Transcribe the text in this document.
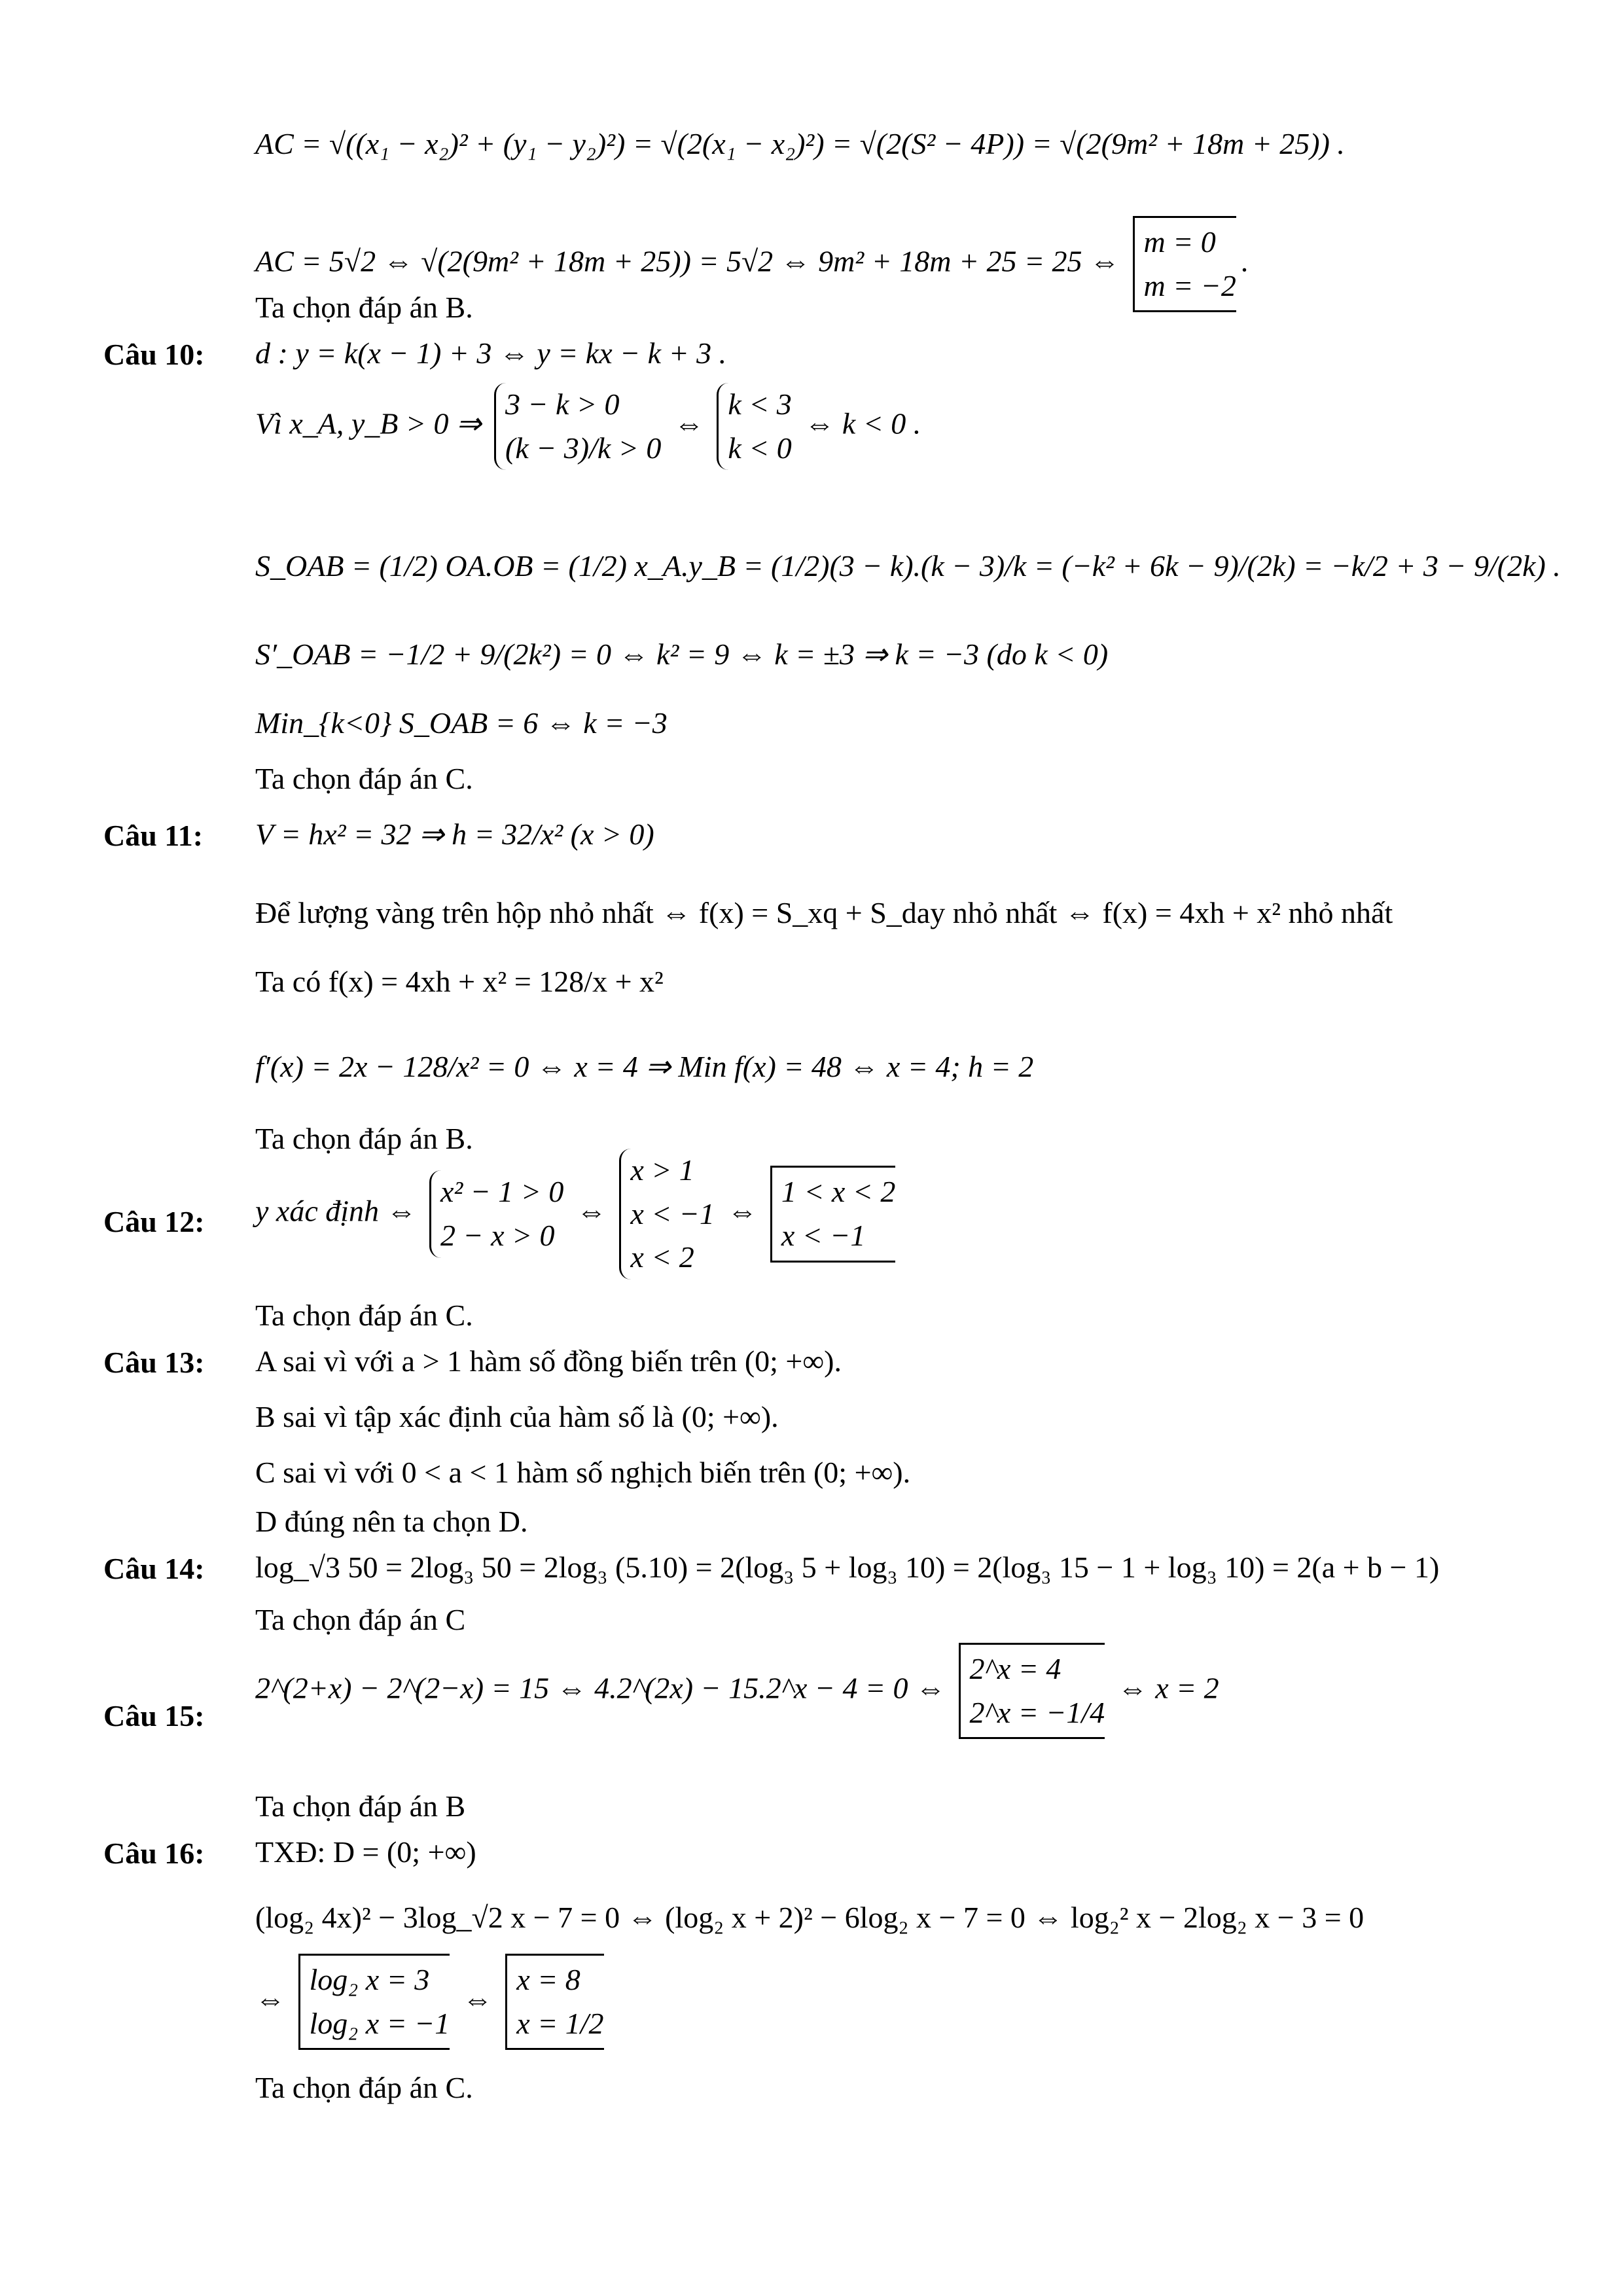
AC = √((x₁ − x₂)² + (y₁ − y₂)²) = √(2(x₁ − x₂)²) = √(2(S² − 4P)) = √(2(9m² + 18m + 25)) .
AC = 5√2 ⇔ √(2(9m² + 18m + 25)) = 5√2 ⇔ 9m² + 18m + 25 = 25 ⇔
m = 0
m = −2
.
Ta chọn đáp án B.
Câu 10: d : y = k(x − 1) + 3 ⇔ y = kx − k + 3 .
Vì x_A, y_B > 0 ⇒
3 − k > 0
(k − 3)/k > 0
⇔
k < 3
k < 0
⇔ k < 0 .
S_OAB = (1/2) OA.OB = (1/2) x_A.y_B = (1/2)(3 − k).(k − 3)/k = (−k² + 6k − 9)/(2k) = −k/2 + 3 − 9/(2k) .
S′_OAB = −1/2 + 9/(2k²) = 0 ⇔ k² = 9 ⇔ k = ±3 ⇒ k = −3 (do k < 0)
Min_{k<0} S_OAB = 6 ⇔ k = −3
Ta chọn đáp án C.
Câu 11: V = hx² = 32 ⇒ h = 32/x² (x > 0)
Để lượng vàng trên hộp nhỏ nhất ⇔ f(x) = S_xq + S_day nhỏ nhất ⇔ f(x) = 4xh + x² nhỏ nhất
Ta có f(x) = 4xh + x² = 128/x + x²
f′(x) = 2x − 128/x² = 0 ⇔ x = 4 ⇒ Min f(x) = 48 ⇔ x = 4; h = 2
Ta chọn đáp án B.
Câu 12: y xác định ⇔
x² − 1 > 0
2 − x > 0
⇔
x > 1
x < −1
x < 2
⇔
1 < x < 2
x < −1
Ta chọn đáp án C.
Câu 13: A sai vì với a > 1 hàm số đồng biến trên (0; +∞).
B sai vì tập xác định của hàm số là (0; +∞).
C sai vì với 0 < a < 1 hàm số nghịch biến trên (0; +∞).
D đúng nên ta chọn D.
Câu 14: log_√3 50 = 2log₃ 50 = 2log₃ (5.10) = 2(log₃ 5 + log₃ 10) = 2(log₃ 15 − 1 + log₃ 10) = 2(a + b − 1)
Ta chọn đáp án C
Câu 15:
2^(2+x) − 2^(2−x) = 15 ⇔ 4.2^(2x) − 15.2^x − 4 = 0 ⇔
2^x = 4
2^x = −1/4
⇔ x = 2
Ta chọn đáp án B
Câu 16: TXĐ: D = (0; +∞)
(log₂ 4x)² − 3log_√2 x − 7 = 0 ⇔ (log₂ x + 2)² − 6log₂ x − 7 = 0 ⇔ log₂² x − 2log₂ x − 3 = 0
⇔
log₂ x = 3
log₂ x = −1
⇔
x = 8
x = 1/2
Ta chọn đáp án C.
